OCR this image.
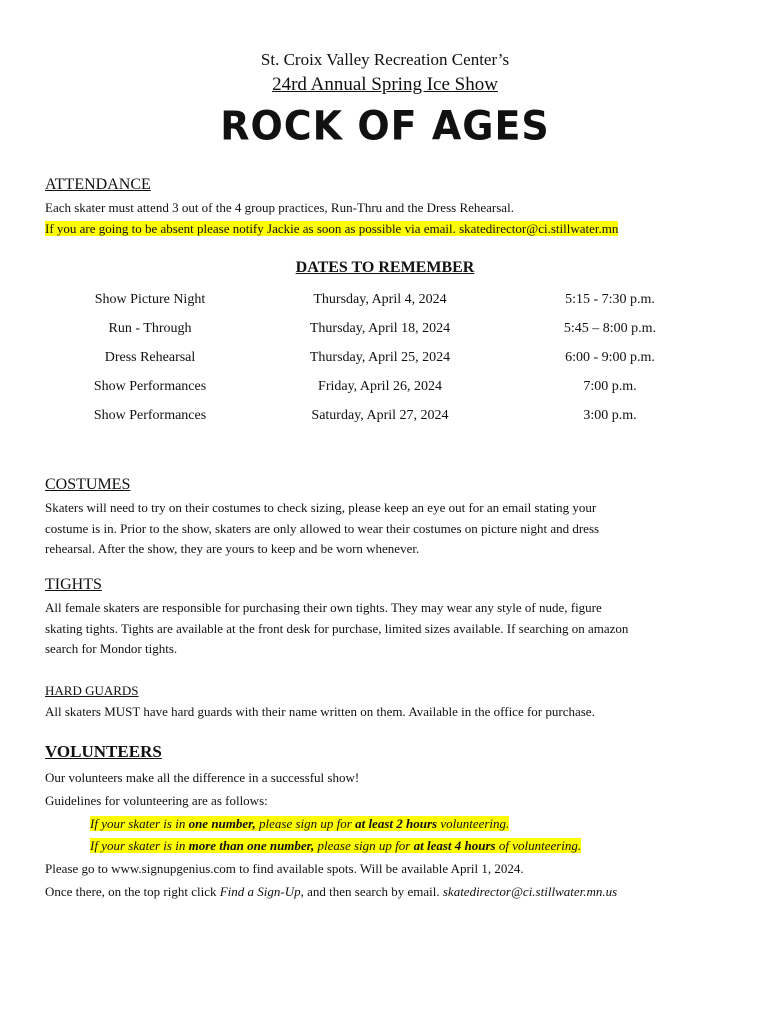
St. Croix Valley Recreation Center’s
24rd Annual Spring Ice Show
ROCK OF AGES
ATTENDANCE
Each skater must attend 3 out of the 4 group practices, Run-Thru and the Dress Rehearsal.
If you are going to be absent please notify Jackie as soon as possible via email. skatedirector@ci.stillwater.mn
DATES TO REMEMBER
Show Picture Night	Thursday, April 4, 2024	5:15 - 7:30 p.m.
Run - Through	Thursday, April 18, 2024	5:45 – 8:00 p.m.
Dress Rehearsal	Thursday, April 25, 2024	6:00 - 9:00 p.m.
Show Performances	Friday, April 26, 2024	7:00 p.m.
Show Performances	Saturday, April 27, 2024	3:00 p.m.
COSTUMES
Skaters will need to try on their costumes to check sizing, please keep an eye out for an email stating your
costume is in. Prior to the show, skaters are only allowed to wear their costumes on picture night and dress
rehearsal. After the show, they are yours to keep and be worn whenever.
TIGHTS
All female skaters are responsible for purchasing their own tights. They may wear any style of nude, figure
skating tights. Tights are available at the front desk for purchase, limited sizes available. If searching on amazon
search for Mondor tights.
HARD GUARDS
All skaters MUST have hard guards with their name written on them. Available in the office for purchase.
VOLUNTEERS
Our volunteers make all the difference in a successful show!
Guidelines for volunteering are as follows:
If your skater is in one number, please sign up for at least 2 hours volunteering.
If your skater is in more than one number, please sign up for at least 4 hours of volunteering.
Please go to www.signupgenius.com to find available spots. Will be available April 1, 2024.
Once there, on the top right click Find a Sign-Up, and then search by email. skatedirector@ci.stillwater.mn.us
